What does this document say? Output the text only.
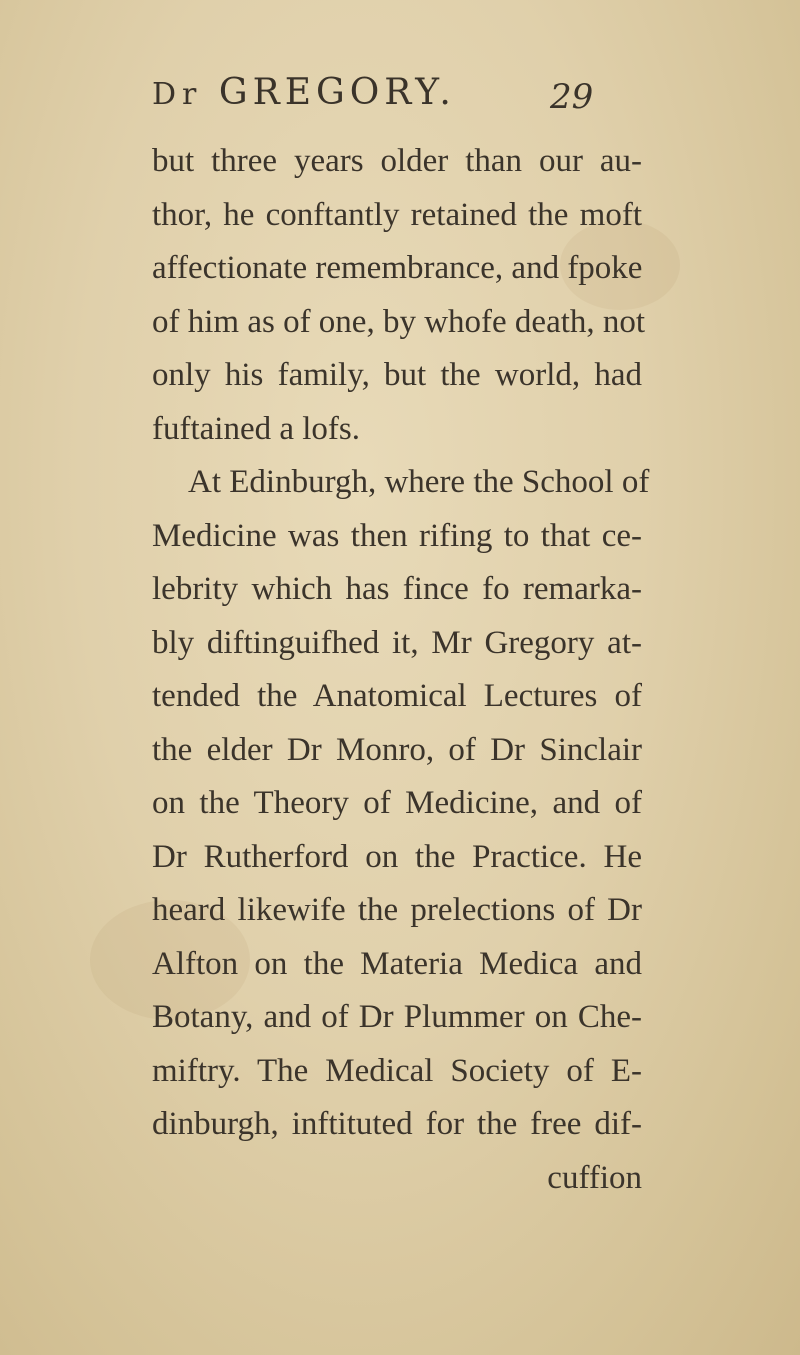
Dr GREGORY.	29
but three years older than our au-
thor, he conftantly retained the moft
affectionate remembrance, and fpoke
of him as of one, by whofe death, not
only his family, but the world, had
fuftained a lofs.
At Edinburgh, where the School of
Medicine was then rifing to that ce-
lebrity which has fince fo remarka-
bly diftinguifhed it, Mr Gregory at-
tended the Anatomical Lectures of
the elder Dr Monro, of Dr Sinclair
on the Theory of Medicine, and of
Dr Rutherford on the Practice. He
heard likewife the prelections of Dr
Alfton on the Materia Medica and
Botany, and of Dr Plummer on Che-
miftry. The Medical Society of E-
dinburgh, inftituted for the free dif-
cuffion
